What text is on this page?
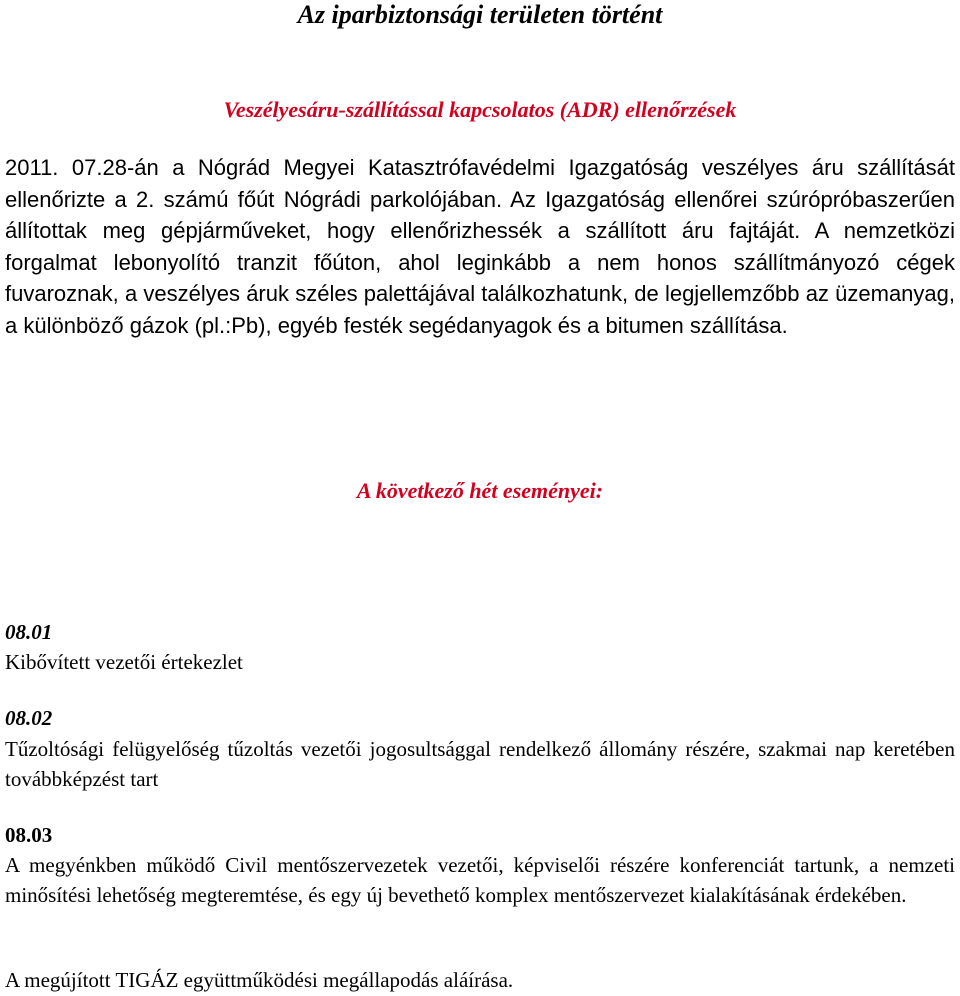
Az iparbiztonsági területen történt
Veszélyesáru-szállítással kapcsolatos (ADR) ellenőrzések
2011. 07.28-án a Nógrád Megyei Katasztrófavédelmi Igazgatóság veszélyes áru szállítását ellenőrizte a 2. számú főút Nógrádi parkolójában. Az Igazgatóság ellenőrei szúrópróbaszerűen állítottak meg gépjárműveket, hogy ellenőrizhessék a szállított áru fajtáját. A nemzetközi forgalmat lebonyolító tranzit főúton, ahol leginkább a nem honos szállítmányozó cégek fuvaroznak, a veszélyes áruk széles palettájával találkozhatunk, de legjellemzőbb az üzemanyag, a különböző gázok (pl.:Pb), egyéb festék segédanyagok és a bitumen szállítása.
A következő hét eseményei:
08.01
Kibővített vezetői értekezlet
08.02
Tűzoltósági felügyelőség tűzoltás vezetői jogosultsággal rendelkező állomány részére, szakmai nap keretében továbbképzést tart
08.03
A megyénkben működő Civil mentőszervezetek vezetői, képviselői részére konferenciát tartunk, a nemzeti minősítési lehetőség megteremtése, és egy új bevethető komplex mentőszervezet kialakításának érdekében.
A megújított TIGÁZ együttműködési megállapodás aláírása.
